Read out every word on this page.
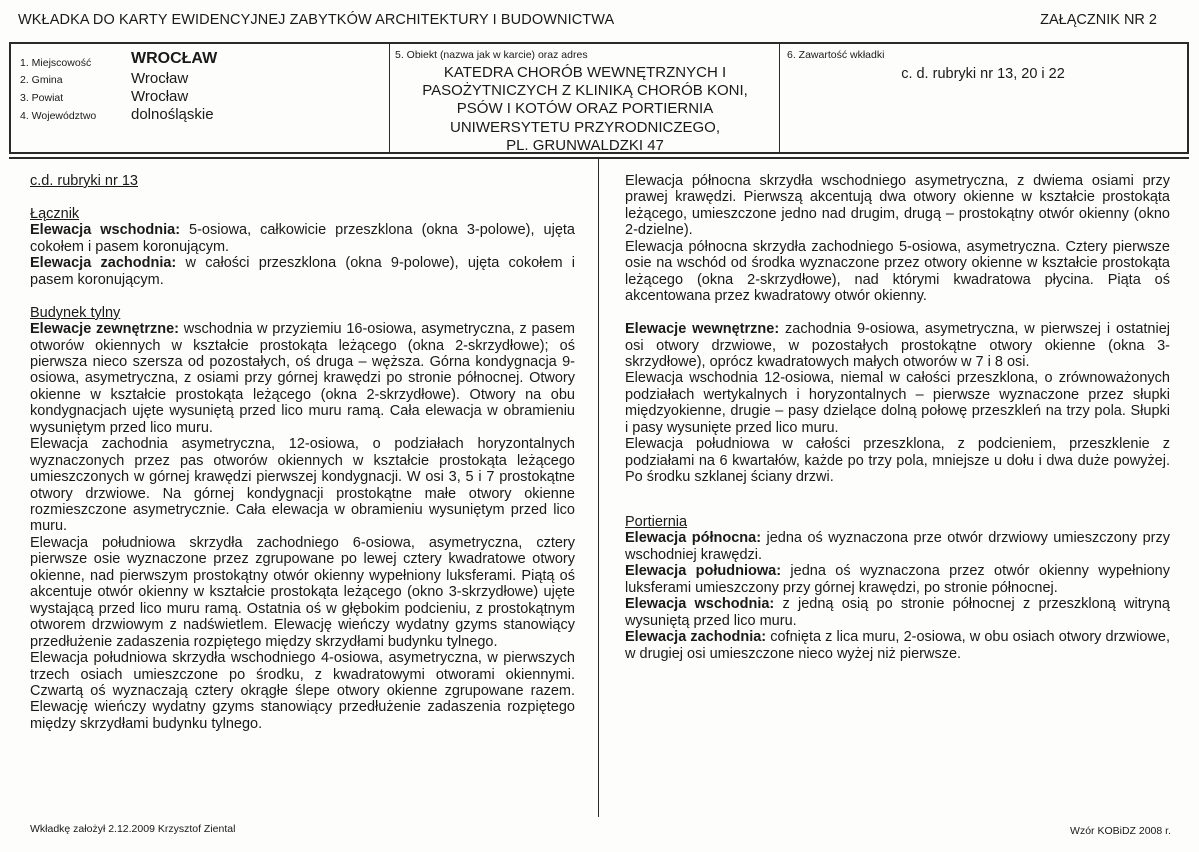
WKŁADKA DO KARTY EWIDENCYJNEJ ZABYTKÓW ARCHITEKTURY I BUDOWNICTWA	ZAŁĄCZNIK NR 2
1. Miejscowość WROCŁAW
2. Gmina	Wrocław
3. Powiat	Wrocław
4. Województwo dolnośląskie
5. Obiekt (nazwa jak w karcie) oraz adres
KATEDRA CHORÓB WEWNĘTRZNYCH I
PASOŻYTNICZYCH Z KLINIKĄ CHORÓB KONI,
PSÓW I KOTÓW ORAZ PORTIERNIA
UNIWERSYTETU PRZYRODNICZEGO,
PL. GRUNWALDZKI 47
6. Zawartość wkładki
c. d. rubryki nr 13, 20 i 22

c.d. rubryki nr 13

Łącznik

Elewacja wschodnia: 5-osiowa, całkowicie przeszklona (okna 3-polowe), ujęta cokołem i pasem koronującym.

Elewacja zachodnia: w całości przeszklona (okna 9-polowe), ujęta cokołem i pasem koronującym.

Budynek tylny

Elewacje zewnętrzne: wschodnia w przyziemiu 16-osiowa, asymetryczna, z pasem otworów okiennych w kształcie prostokąta leżącego (okna 2-skrzydłowe); oś pierwsza nieco szersza od pozostałych, oś druga – węższa. Górna kondygnacja 9-osiowa, asymetryczna, z osiami przy górnej krawędzi po stronie północnej. Otwory okienne w kształcie prostokąta leżącego (okna 2-skrzydłowe). Otwory na obu kondygnacjach ujęte wysuniętą przed lico muru ramą. Cała elewacja w obramieniu wysuniętym przed lico muru.

Elewacja zachodnia asymetryczna, 12-osiowa, o podziałach horyzontalnych wyznaczonych przez pas otworów okiennych w kształcie prostokąta leżącego umieszczonych w górnej krawędzi pierwszej kondygnacji. W osi 3, 5 i 7 prostokątne otwory drzwiowe. Na górnej kondygnacji prostokątne małe otwory okienne rozmieszczone asymetrycznie. Cała elewacja w obramieniu wysuniętym przed lico muru.

Elewacja południowa skrzydła zachodniego 6-osiowa, asymetryczna, cztery pierwsze osie wyznaczone przez zgrupowane po lewej cztery kwadratowe otwory okienne, nad pierwszym prostokątny otwór okienny wypełniony luksferami. Piątą oś akcentuje otwór okienny w kształcie prostokąta leżącego (okno 3-skrzydłowe) ujęte wystającą przed lico muru ramą. Ostatnia oś w głębokim podcieniu, z prostokątnym otworem drzwiowym z nadświetlem. Elewację wieńczy wydatny gzyms stanowiący przedłużenie zadaszenia rozpiętego między skrzydłami budynku tylnego.

Elewacja południowa skrzydła wschodniego 4-osiowa, asymetryczna, w pierwszych trzech osiach umieszczone po środku, z kwadratowymi otworami okiennymi. Czwartą oś wyznaczają cztery okrągłe ślepe otwory okienne zgrupowane razem. Elewację wieńczy wydatny gzyms stanowiący przedłużenie zadaszenia rozpiętego między skrzydłami budynku tylnego.

Elewacja północna skrzydła wschodniego asymetryczna, z dwiema osiami przy prawej krawędzi. Pierwszą akcentują dwa otwory okienne w kształcie prostokąta leżącego, umieszczone jedno nad drugim, drugą – prostokątny otwór okienny (okno 2-dzielne).

Elewacja północna skrzydła zachodniego 5-osiowa, asymetryczna. Cztery pierwsze osie na wschód od środka wyznaczone przez otwory okienne w kształcie prostokąta leżącego (okna 2-skrzydłowe), nad którymi kwadratowa płycina. Piąta oś akcentowana przez kwadratowy otwór okienny.

Elewacje wewnętrzne: zachodnia 9-osiowa, asymetryczna, w pierwszej i ostatniej osi otwory drzwiowe, w pozostałych prostokątne otwory okienne (okna 3-skrzydłowe), oprócz kwadratowych małych otworów w 7 i 8 osi.

Elewacja wschodnia 12-osiowa, niemal w całości przeszklona, o zrównoważonych podziałach wertykalnych i horyzontalnych – pierwsze wyznaczone przez słupki międzyokienne, drugie – pasy dzielące dolną połowę przeszkleń na trzy pola. Słupki i pasy wysunięte przed lico muru.

Elewacja południowa w całości przeszklona, z podcieniem, przeszklenie z podziałami na 6 kwartałów, każde po trzy pola, mniejsze u dołu i dwa duże powyżej. Po środku szklanej ściany drzwi.

Portiernia

Elewacja północna: jedna oś wyznaczona prze otwór drzwiowy umieszczony przy wschodniej krawędzi.

Elewacja południowa: jedna oś wyznaczona przez otwór okienny wypełniony luksferami umieszczony przy górnej krawędzi, po stronie północnej.

Elewacja wschodnia: z jedną osią po stronie północnej z przeszkloną witryną wysuniętą przed lico muru.

Elewacja zachodnia: cofnięta z lica muru, 2-osiowa, w obu osiach otwory drzwiowe, w drugiej osi umieszczone nieco wyżej niż pierwsze.

Wkładkę założył 2.12.2009 Krzysztof Ziental	Wzór KOBiDZ 2008 r.
